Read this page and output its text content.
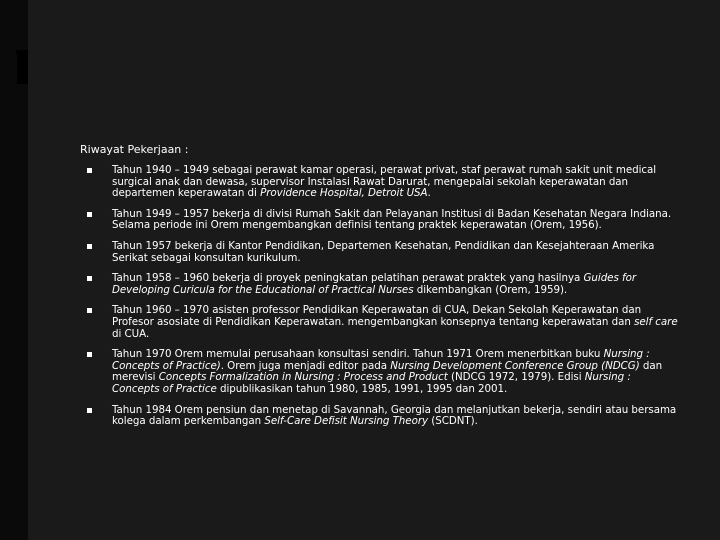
Riwayat Pekerjaan :
Tahun 1940 – 1949 sebagai perawat kamar operasi, perawat privat, staf perawat rumah sakit unit medical surgical anak dan dewasa, supervisor Instalasi Rawat Darurat, mengepalai sekolah keperawatan dan departemen keperawatan di Providence Hospital, Detroit USA.
Tahun 1949 – 1957 bekerja di divisi Rumah Sakit dan Pelayanan Institusi di Badan Kesehatan Negara Indiana. Selama periode ini Orem mengembangkan definisi tentang praktek keperawatan (Orem, 1956).
Tahun 1957 bekerja di Kantor Pendidikan, Departemen Kesehatan, Pendidikan dan Kesejahteraan Amerika Serikat sebagai konsultan kurikulum.
Tahun 1958 – 1960 bekerja di proyek peningkatan pelatihan perawat praktek yang hasilnya Guides for Developing Curicula for the Educational of Practical Nurses dikembangkan (Orem, 1959).
Tahun 1960 – 1970 asisten professor Pendidikan Keperawatan di CUA, Dekan Sekolah Keperawatan dan Profesor asosiate di Pendidikan Keperawatan. mengembangkan konsepnya tentang keperawatan dan self care di CUA.
Tahun 1970 Orem memulai perusahaan konsultasi sendiri. Tahun 1971 Orem menerbitkan buku Nursing : Concepts of Practice). Orem juga menjadi editor pada Nursing Development Conference Group (NDCG) dan merevisi Concepts Formalization in Nursing : Process and Product (NDCG 1972, 1979). Edisi Nursing : Concepts of Practice dipublikasikan tahun 1980, 1985, 1991, 1995 dan 2001.
Tahun 1984 Orem pensiun dan menetap di Savannah, Georgia dan melanjutkan bekerja, sendiri atau bersama kolega dalam perkembangan Self-Care Defisit Nursing Theory (SCDNT).
